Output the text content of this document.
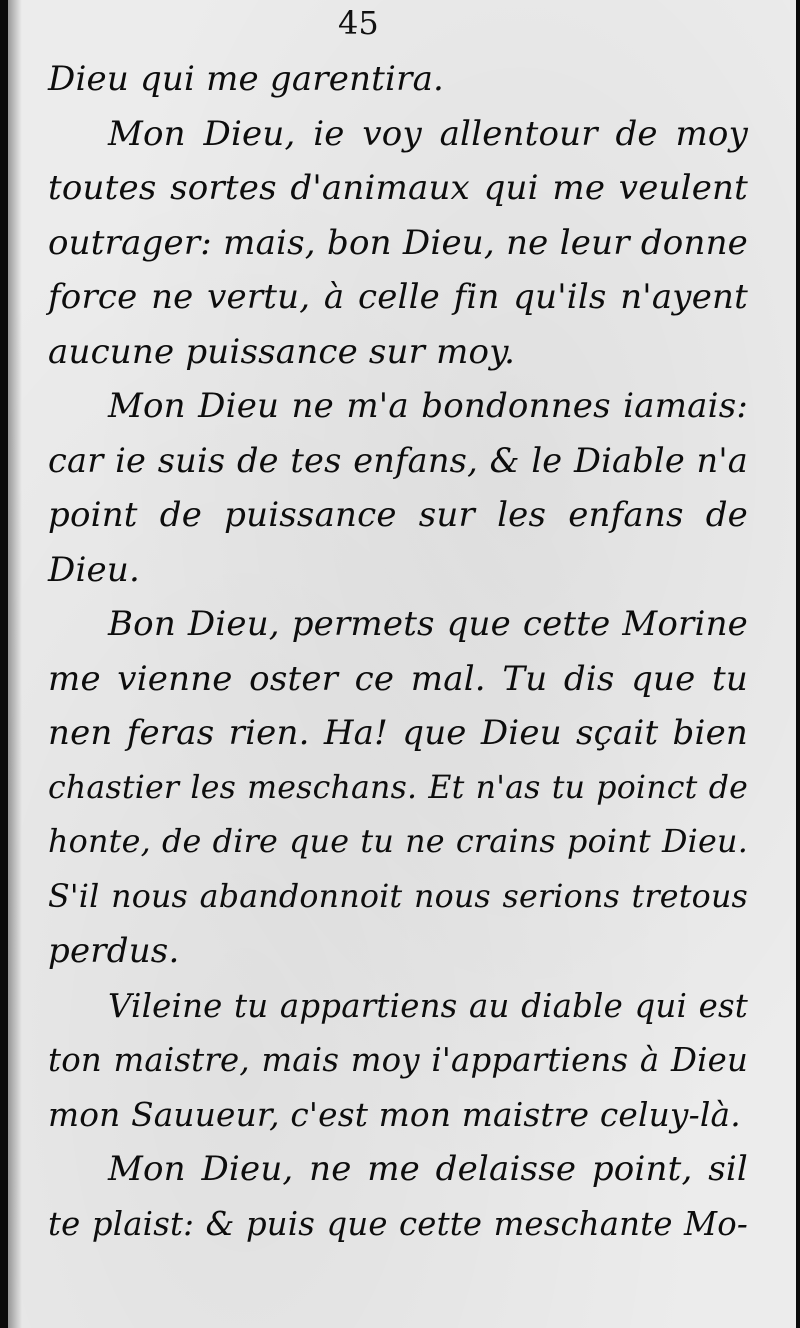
45
Dieu qui me garentira.
Mon Dieu, ie voy allentour de moy
toutes sortes d'animaux qui me veulent
outrager: mais, bon Dieu, ne leur donne
force ne vertu, à celle fin qu'ils n'ayent
aucune puissance sur moy.
Mon Dieu ne m'a bondonnes iamais:
car ie suis de tes enfans, & le Diable n'a
point de puissance sur les enfans de
Dieu.
Bon Dieu, permets que cette Morine
me vienne oster ce mal. Tu dis que tu
nen feras rien. Ha! que Dieu sçait bien
chastier les meschans. Et n'as tu poinct de
honte, de dire que tu ne crains point Dieu.
S'il nous abandonnoit nous serions tretous
perdus.
Vileine tu appartiens au diable qui est
ton maistre, mais moy i'appartiens à Dieu
mon Sauueur, c'est mon maistre celuy-là.
Mon Dieu, ne me delaisse point, sil
te plaist: & puis que cette meschante Mo-
